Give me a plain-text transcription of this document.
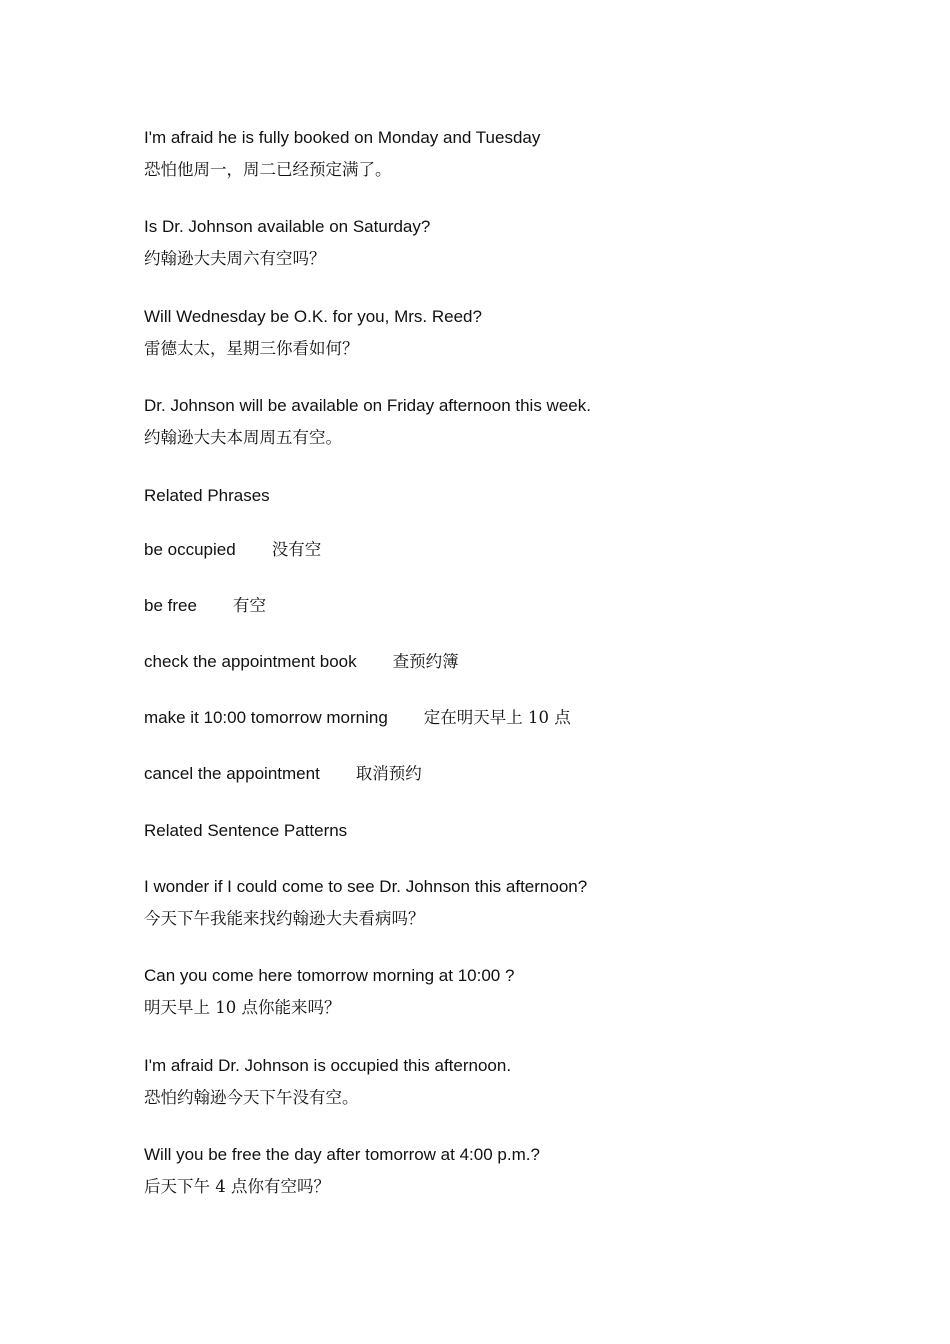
I'm afraid he is fully booked on Monday and Tuesday
恐怕他周一，周二已经预定满了。
Is Dr. Johnson available on Saturday?
约翰逊大夫周六有空吗？
Will Wednesday be O.K. for you, Mrs. Reed?
雷德太太，星期三你看如何？
Dr. Johnson will be available on Friday afternoon this week.
约翰逊大夫本周周五有空。
Related Phrases
be occupied 没有空
be free 有空
check the appointment book 查预约簿
make it 10:00 tomorrow morning 定在明天早上 10 点
cancel the appointment 取消预约
Related Sentence Patterns
I wonder if I could come to see Dr. Johnson this afternoon?
今天下午我能来找约翰逊大夫看病吗？
Can you come here tomorrow morning at 10:00 ?
明天早上 10 点你能来吗？
I'm afraid Dr. Johnson is occupied this afternoon.
恐怕约翰逊今天下午没有空。
Will you be free the day after tomorrow at 4:00 p.m.?
后天下午 4 点你有空吗？
